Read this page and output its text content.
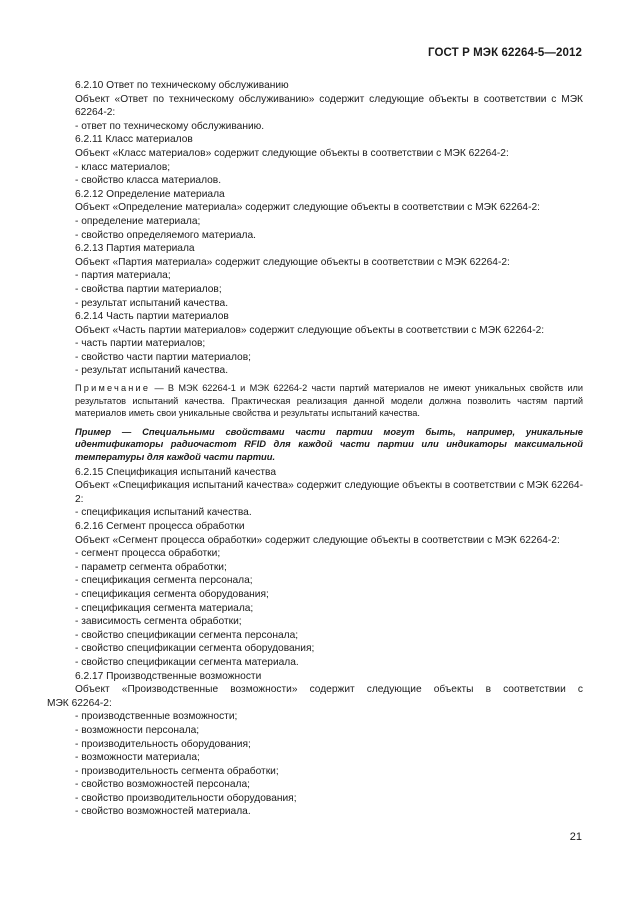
ГОСТ Р МЭК 62264-5—2012

6.2.10 Ответ по техническому обслуживанию

Объект «Ответ по техническому обслуживанию» содержит следующие объекты в соответствии с МЭК 62264-2:

- ответ по техническому обслуживанию.

6.2.11 Класс материалов

Объект «Класс материалов» содержит следующие объекты в соответствии с МЭК 62264-2:

- класс материалов;

- свойство класса материалов.

6.2.12 Определение материала

Объект «Определение материала» содержит следующие объекты в соответствии с МЭК 62264-2:

- определение материала;

- свойство определяемого материала.

6.2.13 Партия материала

Объект «Партия материала» содержит следующие объекты в соответствии с МЭК 62264-2:

- партия материала;

- свойства партии материалов;

- результат испытаний качества.

6.2.14 Часть партии материалов

Объект «Часть партии материалов» содержит следующие объекты в соответствии с МЭК 62264-2:

- часть партии материалов;

- свойство части партии материалов;

- результат испытаний качества.

Примечание — В МЭК 62264-1 и МЭК 62264-2 части партий материалов не имеют уникальных свойств или результатов испытаний качества. Практическая реализация данной модели должна позволить частям партий материалов иметь свои уникальные свойства и результаты испытаний качества.

Пример — Специальными свойствами части партии могут быть, например, уникальные идентификаторы радиочастот RFID для каждой части партии или индикаторы максимальной температуры для каждой части партии.

6.2.15 Спецификация испытаний качества

Объект «Спецификация испытаний качества» содержит следующие объекты в соответствии с МЭК 62264-2:

- спецификация испытаний качества.

6.2.16 Сегмент процесса обработки

Объект «Сегмент процесса обработки» содержит следующие объекты в соответствии с МЭК 62264-2:

- сегмент процесса обработки;

- параметр сегмента обработки;

- спецификация сегмента персонала;

- спецификация сегмента оборудования;

- спецификация сегмента материала;

- зависимость сегмента обработки;

- свойство спецификации сегмента персонала;

- свойство спецификации сегмента оборудования;

- свойство спецификации сегмента материала.

6.2.17 Производственные возможности

Объект «Производственные возможности» содержит следующие объекты в соответствии с

МЭК 62264-2:

- производственные возможности;

- возможности персонала;

- производительность оборудования;

- возможности материала;

- производительность сегмента обработки;

- свойство возможностей персонала;

- свойство производительности оборудования;

- свойство возможностей материала.

21
